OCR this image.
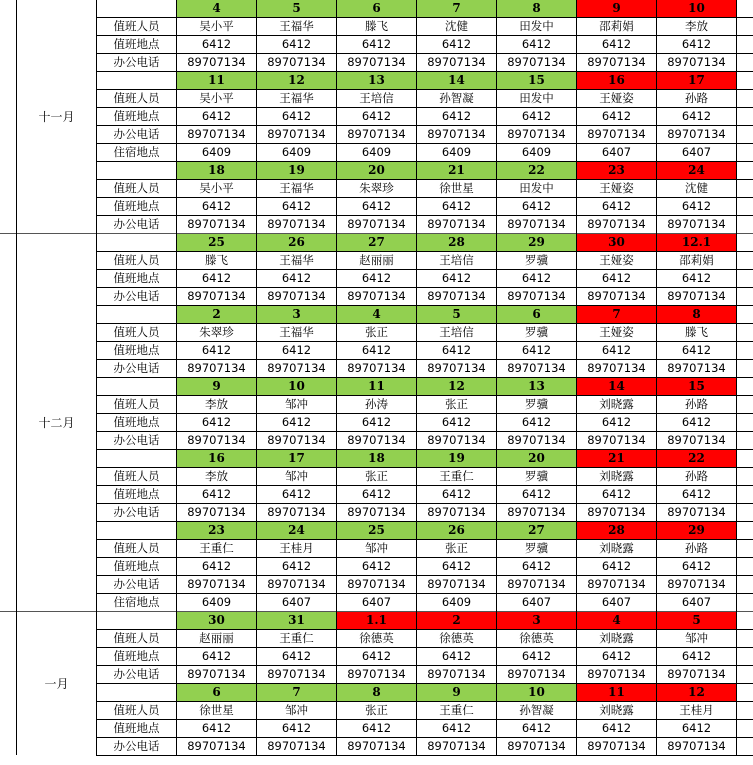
4	5	6	7	8	9	10
值班人员	吴小平	王福华	滕飞	沈健	田发中	邵莉娟	李放
值班地点	6412	6412	6412	6412	6412	6412	6412
办公电话	89707134	89707134	89707134	89707134	89707134	89707134	89707134
11	12	13	14	15	16	17
值班人员	吴小平	王福华	王培信	孙智凝	田发中	王娅姿	孙路
值班地点	6412	6412	6412	6412	6412	6412	6412
办公电话	89707134	89707134	89707134	89707134	89707134	89707134	89707134
住宿地点	6409	6409	6409	6409	6409	6407	6407
18	19	20	21	22	23	24
值班人员	吴小平	王福华	朱翠珍	徐世星	田发中	王娅姿	沈健
值班地点	6412	6412	6412	6412	6412	6412	6412
办公电话	89707134	89707134	89707134	89707134	89707134	89707134	89707134
十一月
25	26	27	28	29	30	12.1
值班人员	滕飞	王福华	赵丽丽	王培信	罗骥	王娅姿	邵莉娟
值班地点	6412	6412	6412	6412	6412	6412	6412
办公电话	89707134	89707134	89707134	89707134	89707134	89707134	89707134
2	3	4	5	6	7	8
值班人员	朱翠珍	王福华	张正	王培信	罗骥	王娅姿	滕飞
值班地点	6412	6412	6412	6412	6412	6412	6412
办公电话	89707134	89707134	89707134	89707134	89707134	89707134	89707134
9	10	11	12	13	14	15
值班人员	李放	邹冲	孙涛	张正	罗骥	刘晓露	孙路
值班地点	6412	6412	6412	6412	6412	6412	6412
办公电话	89707134	89707134	89707134	89707134	89707134	89707134	89707134
16	17	18	19	20	21	22
值班人员	李放	邹冲	张正	王重仁	罗骥	刘晓露	孙路
值班地点	6412	6412	6412	6412	6412	6412	6412
办公电话	89707134	89707134	89707134	89707134	89707134	89707134	89707134
23	24	25	26	27	28	29
值班人员	王重仁	王桂月	邹冲	张正	罗骥	刘晓露	孙路
值班地点	6412	6412	6412	6412	6412	6412	6412
办公电话	89707134	89707134	89707134	89707134	89707134	89707134	89707134
住宿地点	6409	6407	6407	6409	6407	6407	6407
十二月
30	31	1.1	2	3	4	5
值班人员	赵丽丽	王重仁	徐德英	徐德英	徐德英	刘晓露	邹冲
值班地点	6412	6412	6412	6412	6412	6412	6412
办公电话	89707134	89707134	89707134	89707134	89707134	89707134	89707134
6	7	8	9	10	11	12
值班人员	徐世星	邹冲	张正	王重仁	孙智凝	刘晓露	王桂月
值班地点	6412	6412	6412	6412	6412	6412	6412
办公电话	89707134	89707134	89707134	89707134	89707134	89707134	89707134
一月
